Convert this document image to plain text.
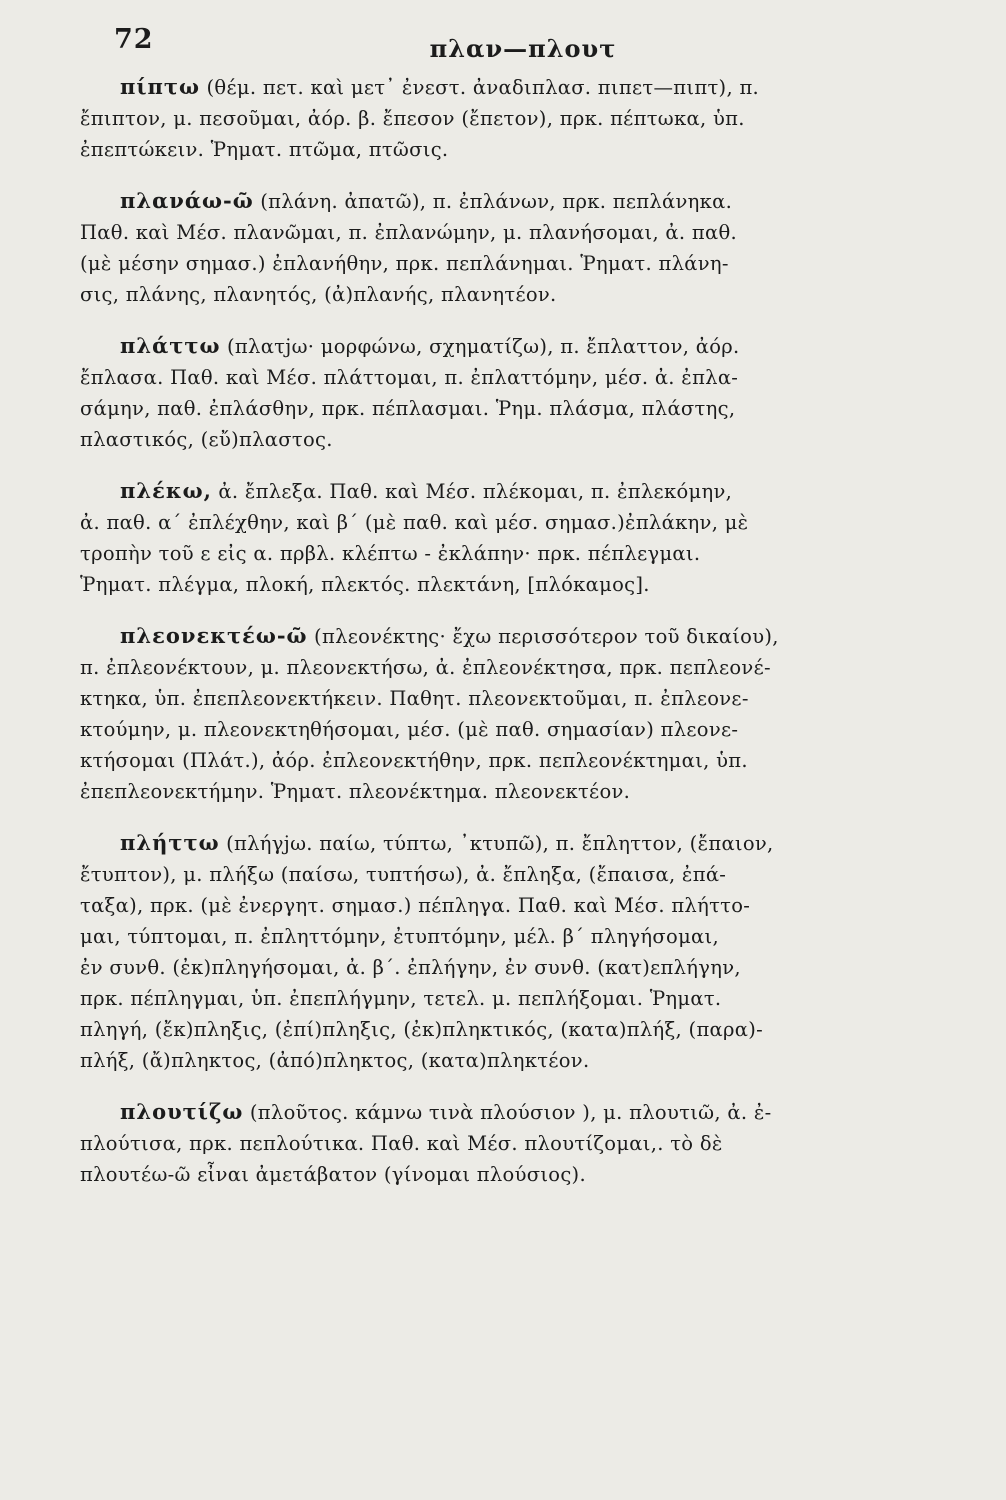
72	πλαν—πλουτ
πίπτω (θέμ. πετ. καὶ μετ᾽ ἐνεστ. ἀναδιπλασ. πιπετ—πιπτ), π.
ἔπιπτον, μ. πεσοῦμαι, ἀόρ. β. ἔπεσον (ἔπετον), πρκ. πέπτωκα, ὑπ.
ἐπεπτώκειν. Ῥηματ. πτῶμα, πτῶσις.
πλανάω-ῶ (πλάνη. ἀπατῶ), π. ἐπλάνων, πρκ. πεπλάνηκα.
Παθ. καὶ Μέσ. πλανῶμαι, π. ἐπλανώμην, μ. πλανήσομαι, ἀ. παθ.
(μὲ μέσην σημασ.) ἐπλανήθην, πρκ. πεπλάνημαι. Ῥηματ. πλάνη-
σις, πλάνης, πλανητός, (ἀ)πλανής, πλανητέον.
πλάττω (πλατjω· μορφώνω, σχηματίζω), π. ἔπλαττον, ἀόρ.
ἔπλασα. Παθ. καὶ Μέσ. πλάττομαι, π. ἐπλαττόμην, μέσ. ἀ. ἐπλα-
σάμην, παθ. ἐπλάσθην, πρκ. πέπλασμαι. Ῥημ. πλάσμα, πλάστης,
πλαστικός, (εὔ)πλαστος.
πλέκω, ἀ. ἔπλεξα. Παθ. καὶ Μέσ. πλέκομαι, π. ἐπλεκόμην,
ἀ. παθ. α΄ ἐπλέχθην, καὶ β΄ (μὲ παθ. καὶ μέσ. σημασ.)ἐπλάκην, μὲ
τροπὴν τοῦ ε εἰς α. πρβλ. κλέπτω - ἐκλάπην· πρκ. πέπλεγμαι.
Ῥηματ. πλέγμα, πλοκή, πλεκτός. πλεκτάνη, [πλόκαμος].
πλεονεκτέω-ῶ (πλεονέκτης· ἔχω περισσότερον τοῦ δικαίου),
π. ἐπλεονέκτουν, μ. πλεονεκτήσω, ἀ. ἐπλεονέκτησα, πρκ. πεπλεονέ-
κτηκα, ὑπ. ἐπεπλεονεκτήκειν. Παθητ. πλεονεκτοῦμαι, π. ἐπλεονε-
κτούμην, μ. πλεονεκτηθήσομαι, μέσ. (μὲ παθ. σημασίαν) πλεονε-
κτήσομαι (Πλάτ.), ἀόρ. ἐπλεονεκτήθην, πρκ. πεπλεονέκτημαι, ὑπ.
ἐπεπλεονεκτήμην. Ῥηματ. πλεονέκτημα. πλεονεκτέον.
πλήττω (πλήγjω. παίω, τύπτω, ᾽κτυπῶ), π. ἔπληττον, (ἔπαιον,
ἔτυπτον), μ. πλήξω (παίσω, τυπτήσω), ἀ. ἔπληξα, (ἔπαισα, ἐπά-
ταξα), πρκ. (μὲ ἐνεργητ. σημασ.) πέπληγα. Παθ. καὶ Μέσ. πλήττο-
μαι, τύπτομαι, π. ἐπληττόμην, ἐτυπτόμην, μέλ. β΄ πληγήσομαι,
ἐν συνθ. (ἐκ)πληγήσομαι, ἀ. β΄. ἐπλήγην, ἐν συνθ. (κατ)επλήγην,
πρκ. πέπληγμαι, ὑπ. ἐπεπλήγμην, τετελ. μ. πεπλήξομαι. Ῥηματ.
πληγή, (ἔκ)πληξις, (ἐπί)πληξις, (ἐκ)πληκτικός, (κατα)πλήξ, (παρα)-
πλήξ, (ἄ)πληκτος, (ἀπό)πληκτος, (κατα)πληκτέον.
πλουτίζω (πλοῦτος. κάμνω τινὰ πλούσιον ), μ. πλουτιῶ, ἀ. ἐ-
πλούτισα, πρκ. πεπλούτικα. Παθ. καὶ Μέσ. πλουτίζομαι,. τὸ δὲ
πλουτέω-ῶ εἶναι ἀμετάβατον (γίνομαι πλούσιος).
